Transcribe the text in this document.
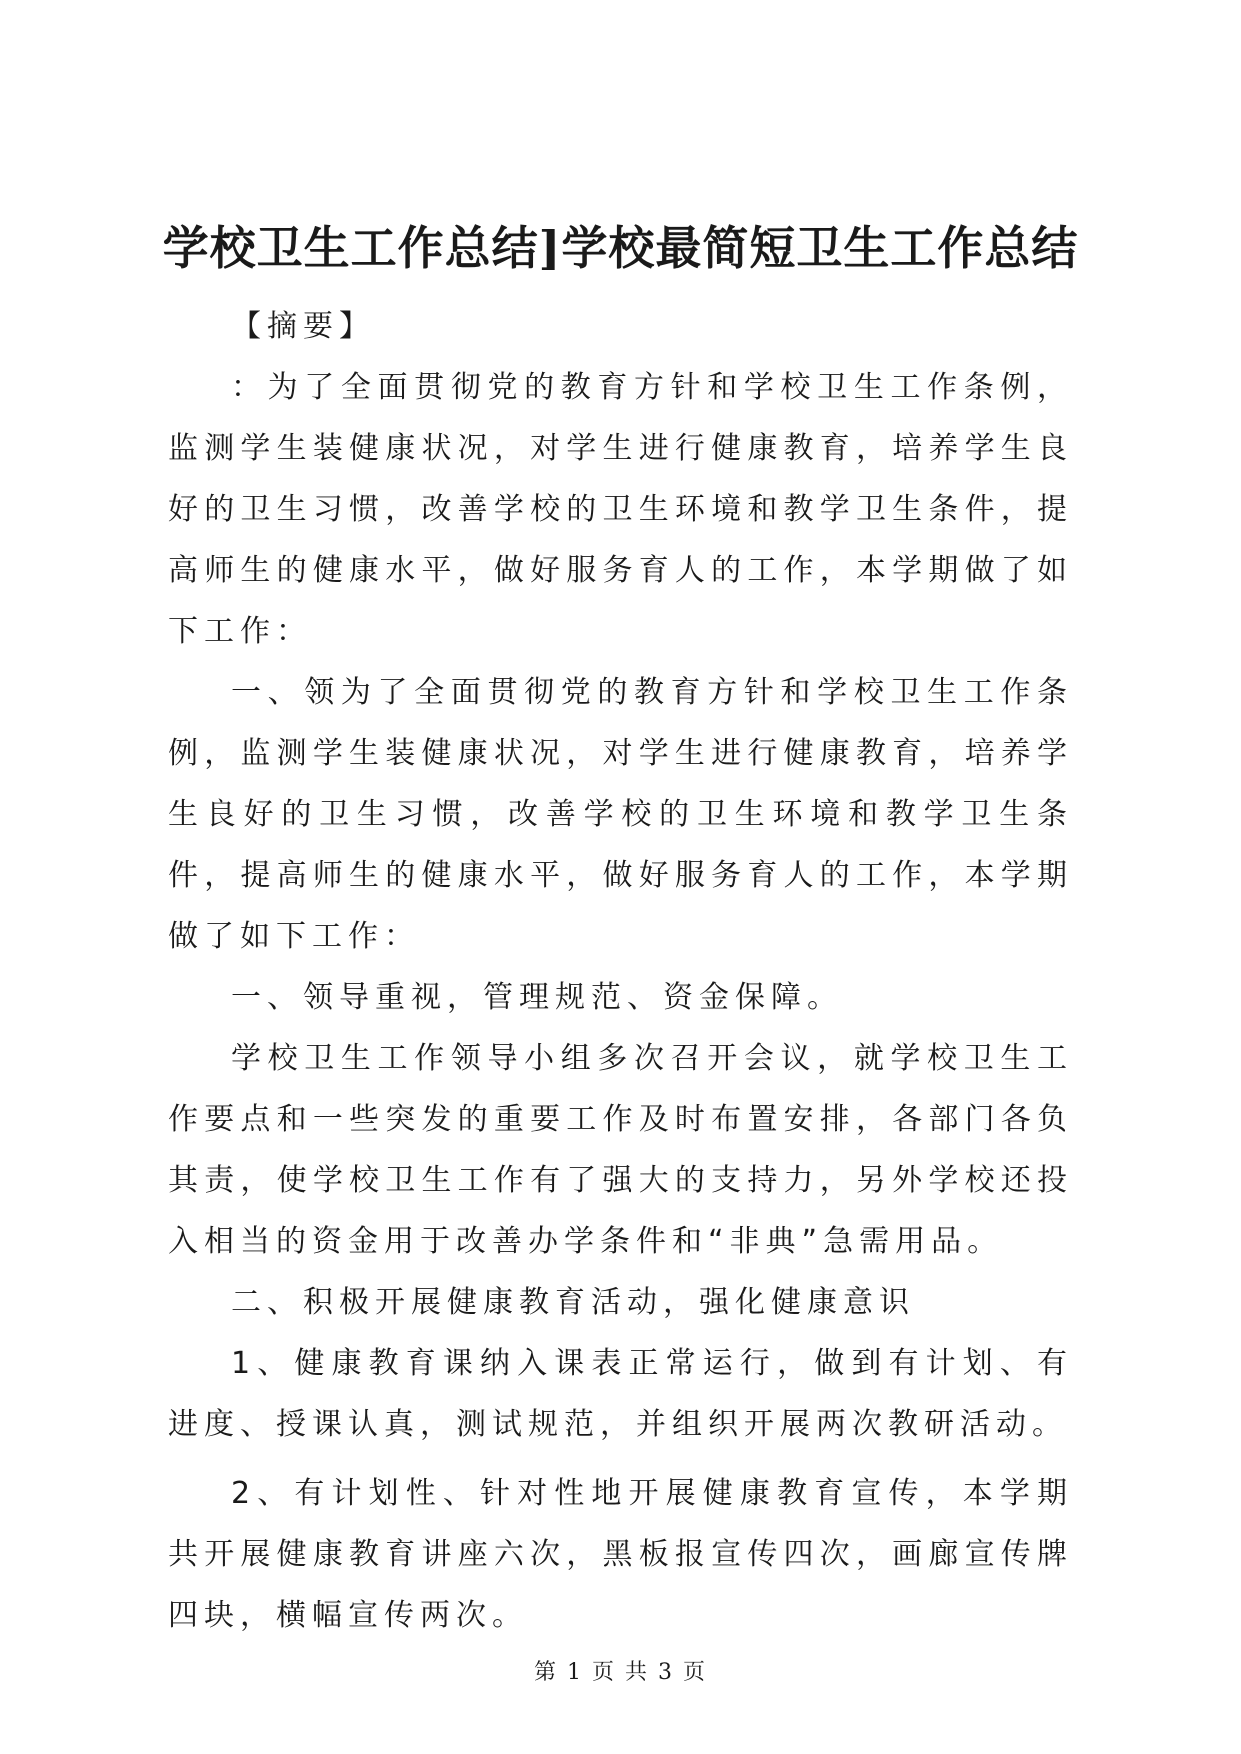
学校卫生工作总结]学校最简短卫生工作总结

【摘要】

：为了全面贯彻党的教育方针和学校卫生工作条例，监测学生装健康状况，对学生进行健康教育，培养学生良好的卫生习惯，改善学校的卫生环境和教学卫生条件，提高师生的健康水平，做好服务育人的工作，本学期做了如下工作：

一、领为了全面贯彻党的教育方针和学校卫生工作条例，监测学生装健康状况，对学生进行健康教育，培养学生良好的卫生习惯，改善学校的卫生环境和教学卫生条件，提高师生的健康水平，做好服务育人的工作，本学期做了如下工作：

一、领导重视，管理规范、资金保障。

学校卫生工作领导小组多次召开会议，就学校卫生工作要点和一些突发的重要工作及时布置安排，各部门各负其责，使学校卫生工作有了强大的支持力，另外学校还投入相当的资金用于改善办学条件和“非典”急需用品。

二、积极开展健康教育活动，强化健康意识

1、健康教育课纳入课表正常运行，做到有计划、有进度、授课认真，测试规范，并组织开展两次教研活动。

2、有计划性、针对性地开展健康教育宣传，本学期共开展健康教育讲座六次，黑板报宣传四次，画廊宣传牌四块，横幅宣传两次。

第 1 页 共 3 页
